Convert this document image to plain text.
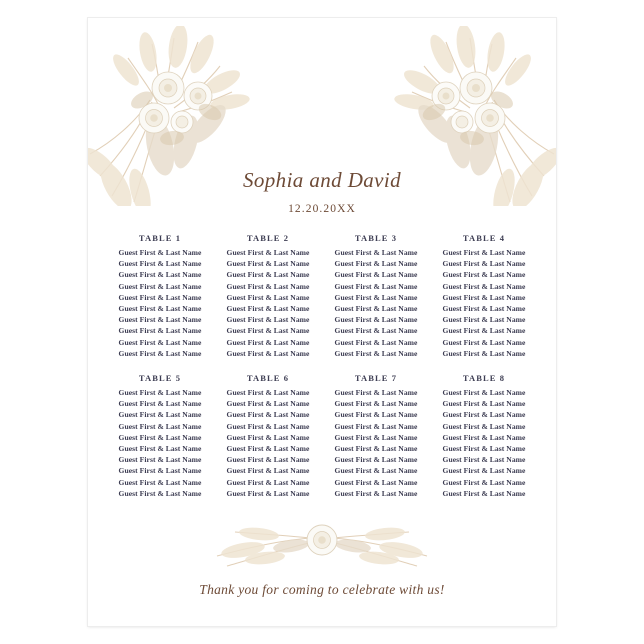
Sophia and David
12.20.20XX
TABLE 1
Guest First & Last Name
Guest First & Last Name
Guest First & Last Name
Guest First & Last Name
Guest First & Last Name
Guest First & Last Name
Guest First & Last Name
Guest First & Last Name
Guest First & Last Name
Guest First & Last Name
TABLE 2
Guest First & Last Name
Guest First & Last Name
Guest First & Last Name
Guest First & Last Name
Guest First & Last Name
Guest First & Last Name
Guest First & Last Name
Guest First & Last Name
Guest First & Last Name
Guest First & Last Name
TABLE 3
Guest First & Last Name
Guest First & Last Name
Guest First & Last Name
Guest First & Last Name
Guest First & Last Name
Guest First & Last Name
Guest First & Last Name
Guest First & Last Name
Guest First & Last Name
Guest First & Last Name
TABLE 4
Guest First & Last Name
Guest First & Last Name
Guest First & Last Name
Guest First & Last Name
Guest First & Last Name
Guest First & Last Name
Guest First & Last Name
Guest First & Last Name
Guest First & Last Name
Guest First & Last Name
TABLE 5
Guest First & Last Name
Guest First & Last Name
Guest First & Last Name
Guest First & Last Name
Guest First & Last Name
Guest First & Last Name
Guest First & Last Name
Guest First & Last Name
Guest First & Last Name
Guest First & Last Name
TABLE 6
Guest First & Last Name
Guest First & Last Name
Guest First & Last Name
Guest First & Last Name
Guest First & Last Name
Guest First & Last Name
Guest First & Last Name
Guest First & Last Name
Guest First & Last Name
Guest First & Last Name
TABLE 7
Guest First & Last Name
Guest First & Last Name
Guest First & Last Name
Guest First & Last Name
Guest First & Last Name
Guest First & Last Name
Guest First & Last Name
Guest First & Last Name
Guest First & Last Name
Guest First & Last Name
TABLE 8
Guest First & Last Name
Guest First & Last Name
Guest First & Last Name
Guest First & Last Name
Guest First & Last Name
Guest First & Last Name
Guest First & Last Name
Guest First & Last Name
Guest First & Last Name
Guest First & Last Name
Thank you for coming to celebrate with us!
